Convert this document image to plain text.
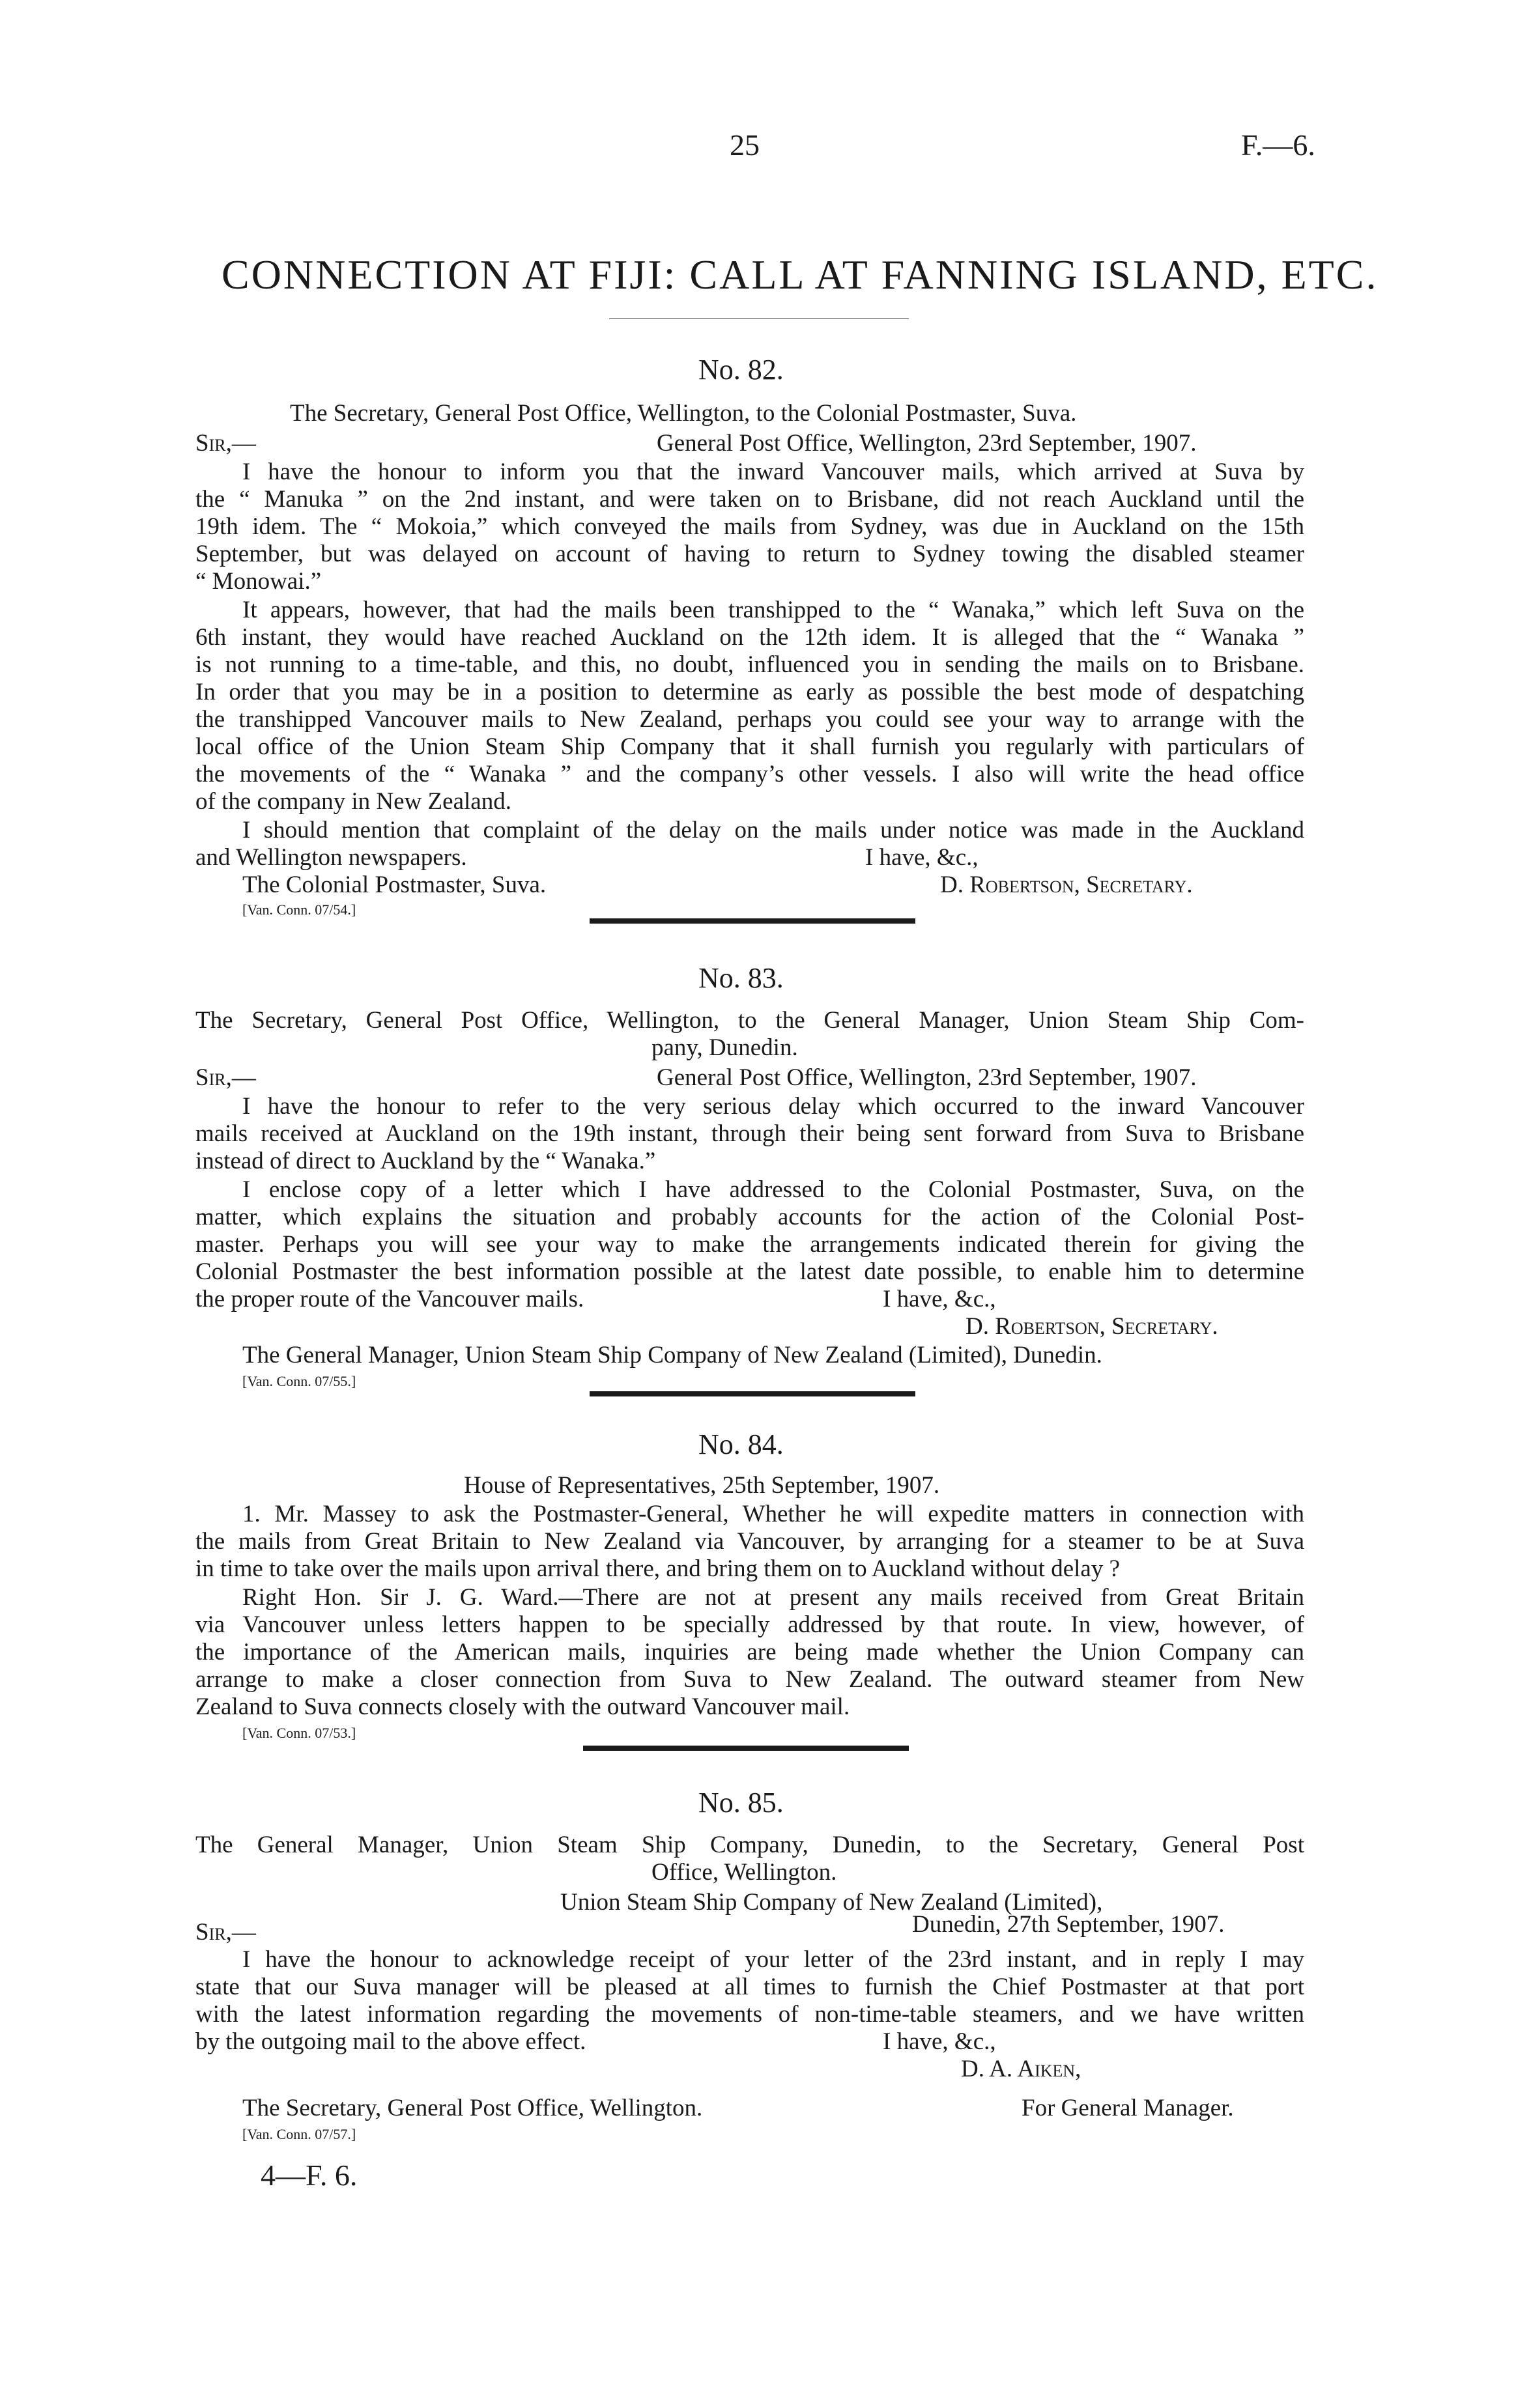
25	F.—6.
CONNECTION AT FIJI: CALL AT FANNING ISLAND, ETC.
No. 82.
The Secretary, General Post Office, Wellington, to the Colonial Postmaster, Suva.
Sir,—	General Post Office, Wellington, 23rd September, 1907.
I have the honour to inform you that the inward Vancouver mails, which arrived at Suva by
the “ Manuka ” on the 2nd instant, and were taken on to Brisbane, did not reach Auckland until the
19th idem. The “ Mokoia,” which conveyed the mails from Sydney, was due in Auckland on the 15th
September, but was delayed on account of having to return to Sydney towing the disabled steamer
“ Monowai.”
It appears, however, that had the mails been transhipped to the “ Wanaka,” which left Suva on the
6th instant, they would have reached Auckland on the 12th idem. It is alleged that the “ Wanaka ”
is not running to a time-table, and this, no doubt, influenced you in sending the mails on to Brisbane.
In order that you may be in a position to determine as early as possible the best mode of despatching
the transhipped Vancouver mails to New Zealand, perhaps you could see your way to arrange with the
local office of the Union Steam Ship Company that it shall furnish you regularly with particulars of
the movements of the “ Wanaka ” and the company’s other vessels. I also will write the head office
of the company in New Zealand.
I should mention that complaint of the delay on the mails under notice was made in the Auckland
and Wellington newspapers.	I have, &c.,
The Colonial Postmaster, Suva.	D. Robertson, Secretary.
[Van. Conn. 07/54.]
No. 83.
The Secretary, General Post Office, Wellington, to the General Manager, Union Steam Ship Com-
pany, Dunedin.
Sir,—	General Post Office, Wellington, 23rd September, 1907.
I have the honour to refer to the very serious delay which occurred to the inward Vancouver
mails received at Auckland on the 19th instant, through their being sent forward from Suva to Brisbane
instead of direct to Auckland by the “ Wanaka.”
I enclose copy of a letter which I have addressed to the Colonial Postmaster, Suva, on the
matter, which explains the situation and probably accounts for the action of the Colonial Post-
master. Perhaps you will see your way to make the arrangements indicated therein for giving the
Colonial Postmaster the best information possible at the latest date possible, to enable him to determine
the proper route of the Vancouver mails.	I have, &c.,
D. Robertson, Secretary.
The General Manager, Union Steam Ship Company of New Zealand (Limited), Dunedin.
[Van. Conn. 07/55.]
No. 84.
House of Representatives, 25th September, 1907.
1. Mr. Massey to ask the Postmaster-General, Whether he will expedite matters in connection with
the mails from Great Britain to New Zealand via Vancouver, by arranging for a steamer to be at Suva
in time to take over the mails upon arrival there, and bring them on to Auckland without delay ?
Right Hon. Sir J. G. Ward.—There are not at present any mails received from Great Britain
via Vancouver unless letters happen to be specially addressed by that route. In view, however, of
the importance of the American mails, inquiries are being made whether the Union Company can
arrange to make a closer connection from Suva to New Zealand. The outward steamer from New
Zealand to Suva connects closely with the outward Vancouver mail.
[Van. Conn. 07/53.]
No. 85.
The General Manager, Union Steam Ship Company, Dunedin, to the Secretary, General Post
Office, Wellington.
Union Steam Ship Company of New Zealand (Limited),
Sir,—	Dunedin, 27th September, 1907.
I have the honour to acknowledge receipt of your letter of the 23rd instant, and in reply I may
state that our Suva manager will be pleased at all times to furnish the Chief Postmaster at that port
with the latest information regarding the movements of non-time-table steamers, and we have written
by the outgoing mail to the above effect.	I have, &c.,
D. A. Aiken,
The Secretary, General Post Office, Wellington.	For General Manager.
[Van. Conn. 07/57.]
4—F. 6.
